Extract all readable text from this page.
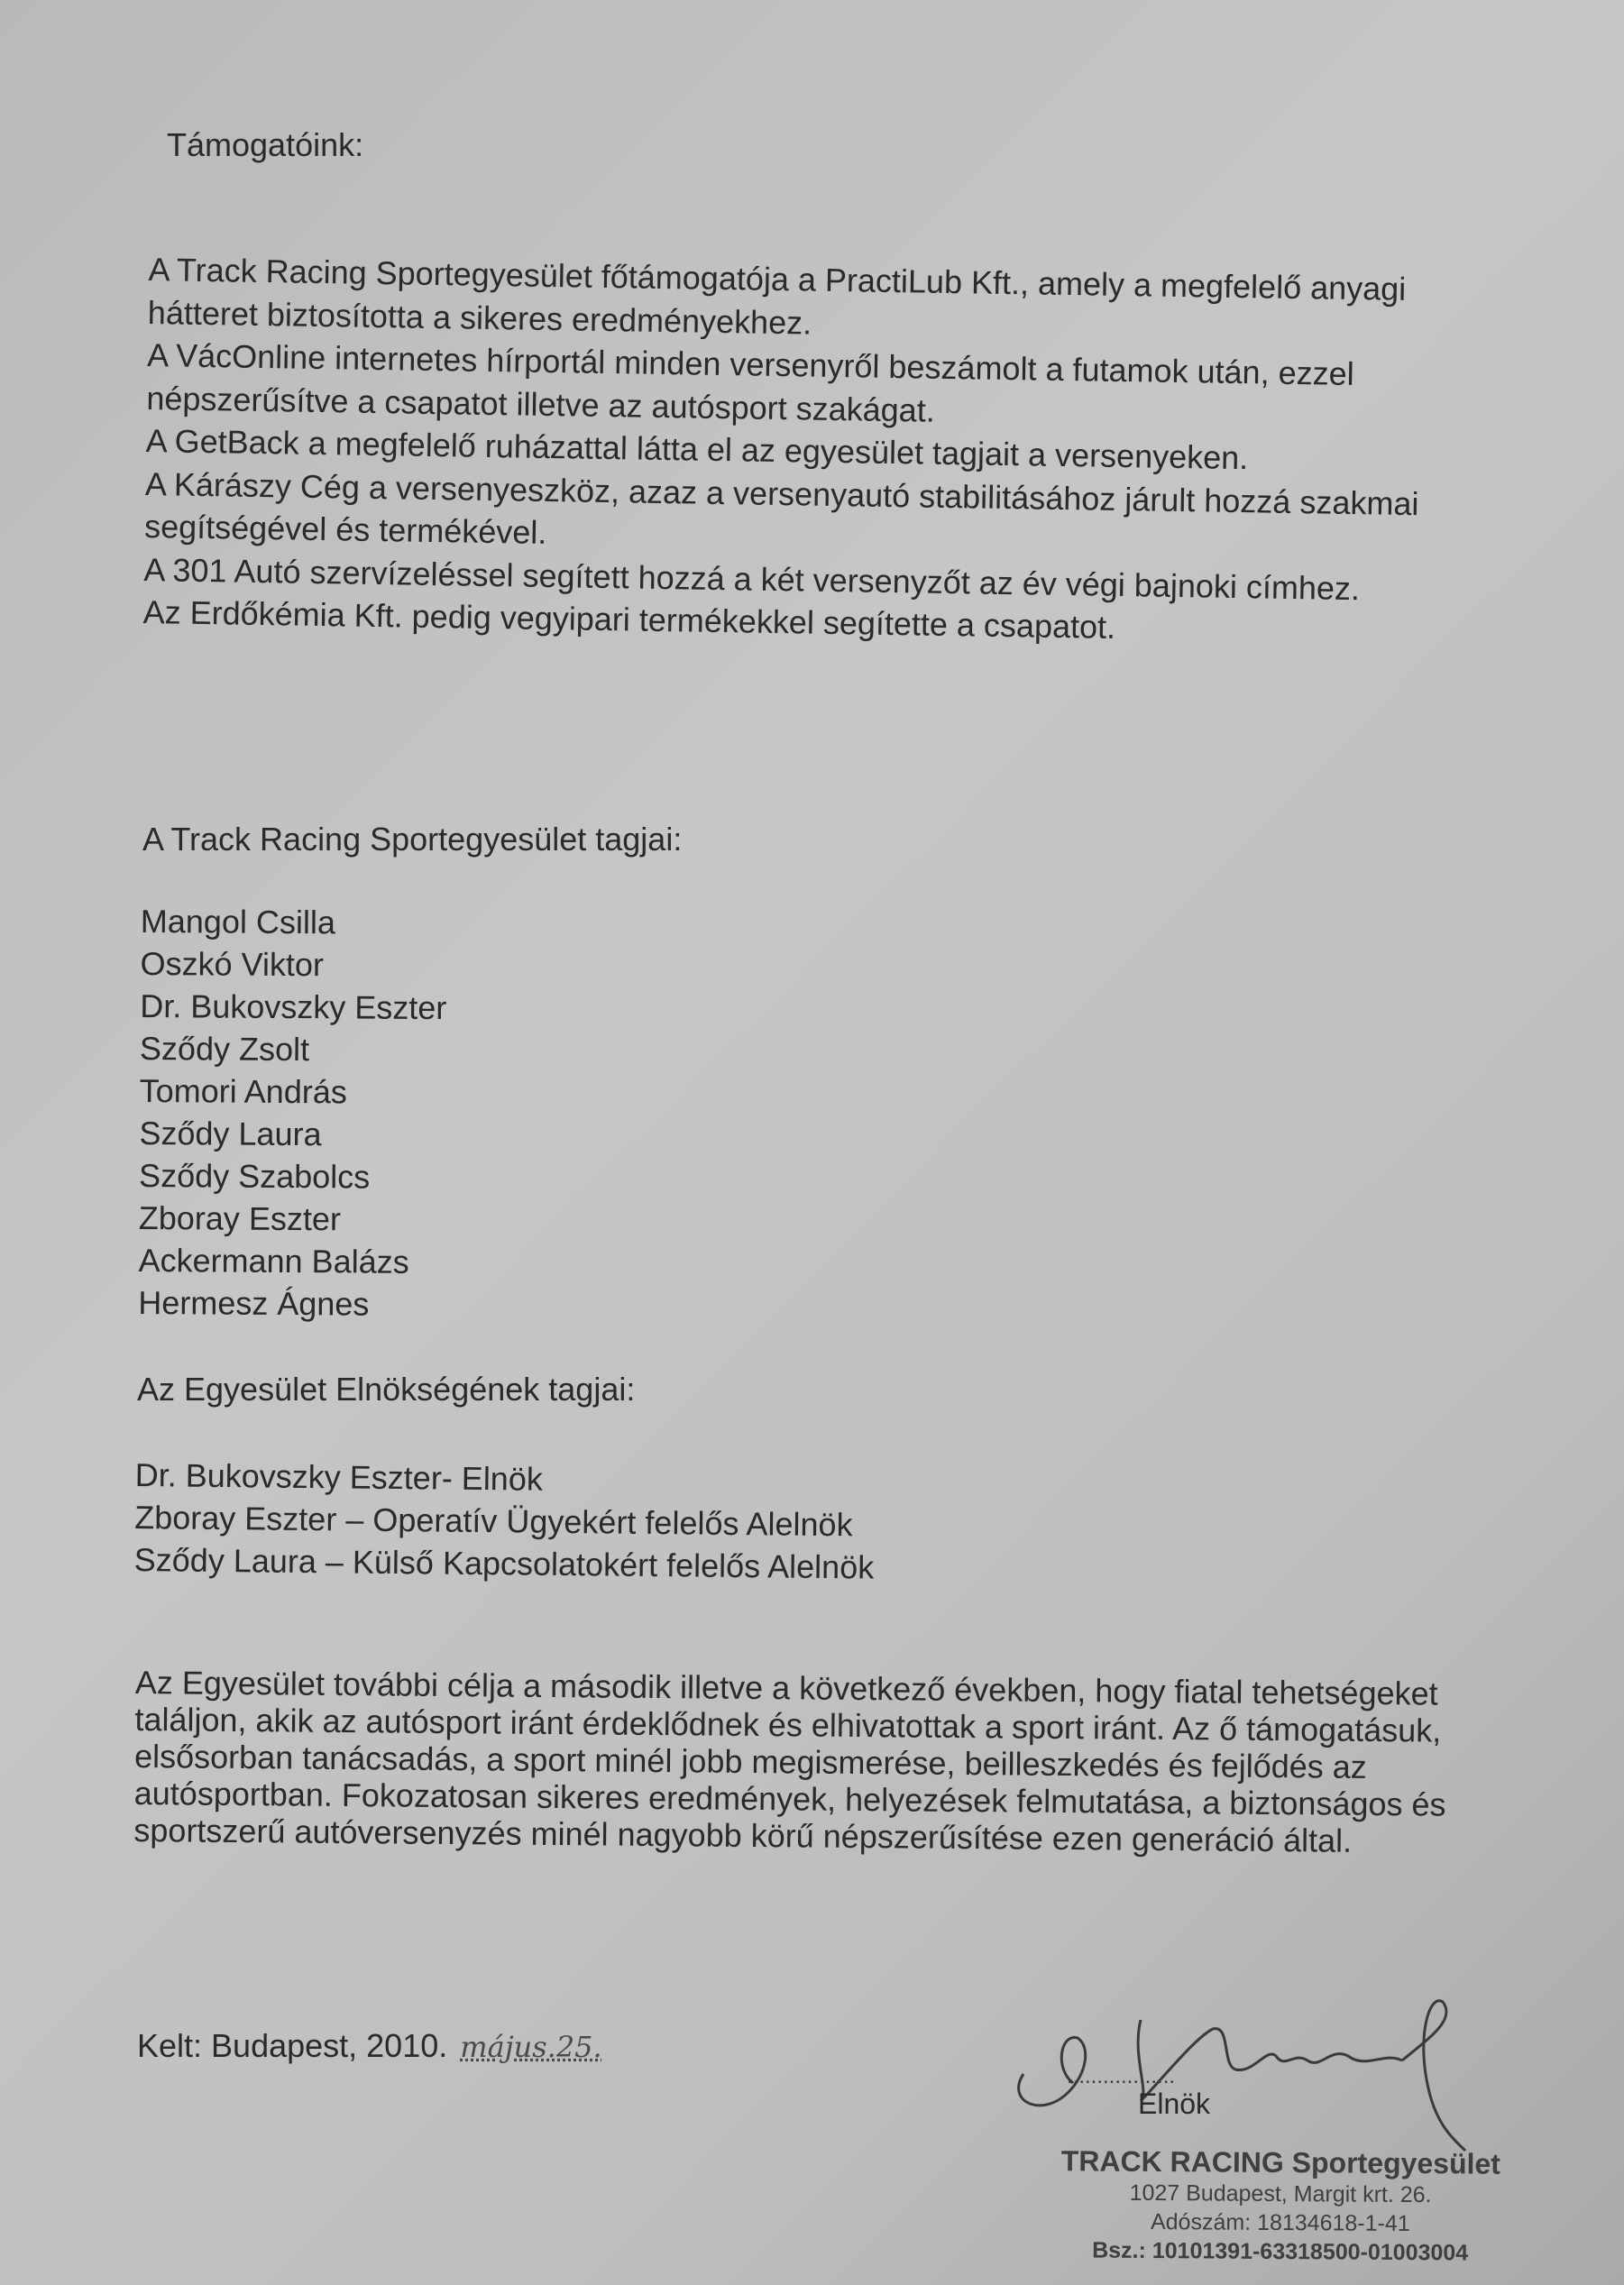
Támogatóink:

A Track Racing Sportegyesület főtámogatója a PractiLub Kft., amely a megfelelő anyagi hátteret biztosította a sikeres eredményekhez.

A VácOnline internetes hírportál minden versenyről beszámolt a futamok után, ezzel népszerűsítve a csapatot illetve az autósport szakágat.

A GetBack a megfelelő ruházattal látta el az egyesület tagjait a versenyeken.

A Kárászy Cég a versenyeszköz, azaz a versenyautó stabilitásához járult hozzá szakmai segítségével és termékével.

A 301 Autó szervízeléssel segített hozzá a két versenyzőt az év végi bajnoki címhez.

Az Erdőkémia Kft. pedig vegyipari termékekkel segítette a csapatot.

A Track Racing Sportegyesület tagjai:

Mangol Csilla
Oszkó Viktor
Dr. Bukovszky Eszter
Sződy Zsolt
Tomori András
Sződy Laura
Sződy Szabolcs
Zboray Eszter
Ackermann Balázs
Hermesz Ágnes

Az Egyesület Elnökségének tagjai:

Dr. Bukovszky Eszter- Elnök
Zboray Eszter – Operatív Ügyekért felelős Alelnök
Sződy Laura – Külső Kapcsolatokért felelős Alelnök

Az Egyesület további célja a második illetve a következő években, hogy fiatal tehetségeket találjon, akik az autósport iránt érdeklődnek és elhivatottak a sport iránt. Az ő támogatásuk, elsősorban tanácsadás, a sport minél jobb megismerése, beilleszkedés és fejlődés az autósportban. Fokozatosan sikeres eredmények, helyezések felmutatása, a biztonságos és sportszerű autóversenyzés minél nagyobb körű népszerűsítése ezen generáció által.

Kelt: Budapest, 2010. május.25.

..................

Elnök

TRACK RACING Sportegyesület
1027 Budapest, Margit krt. 26.
Adószám: 18134618-1-41
Bsz.: 10101391-63318500-01003004
